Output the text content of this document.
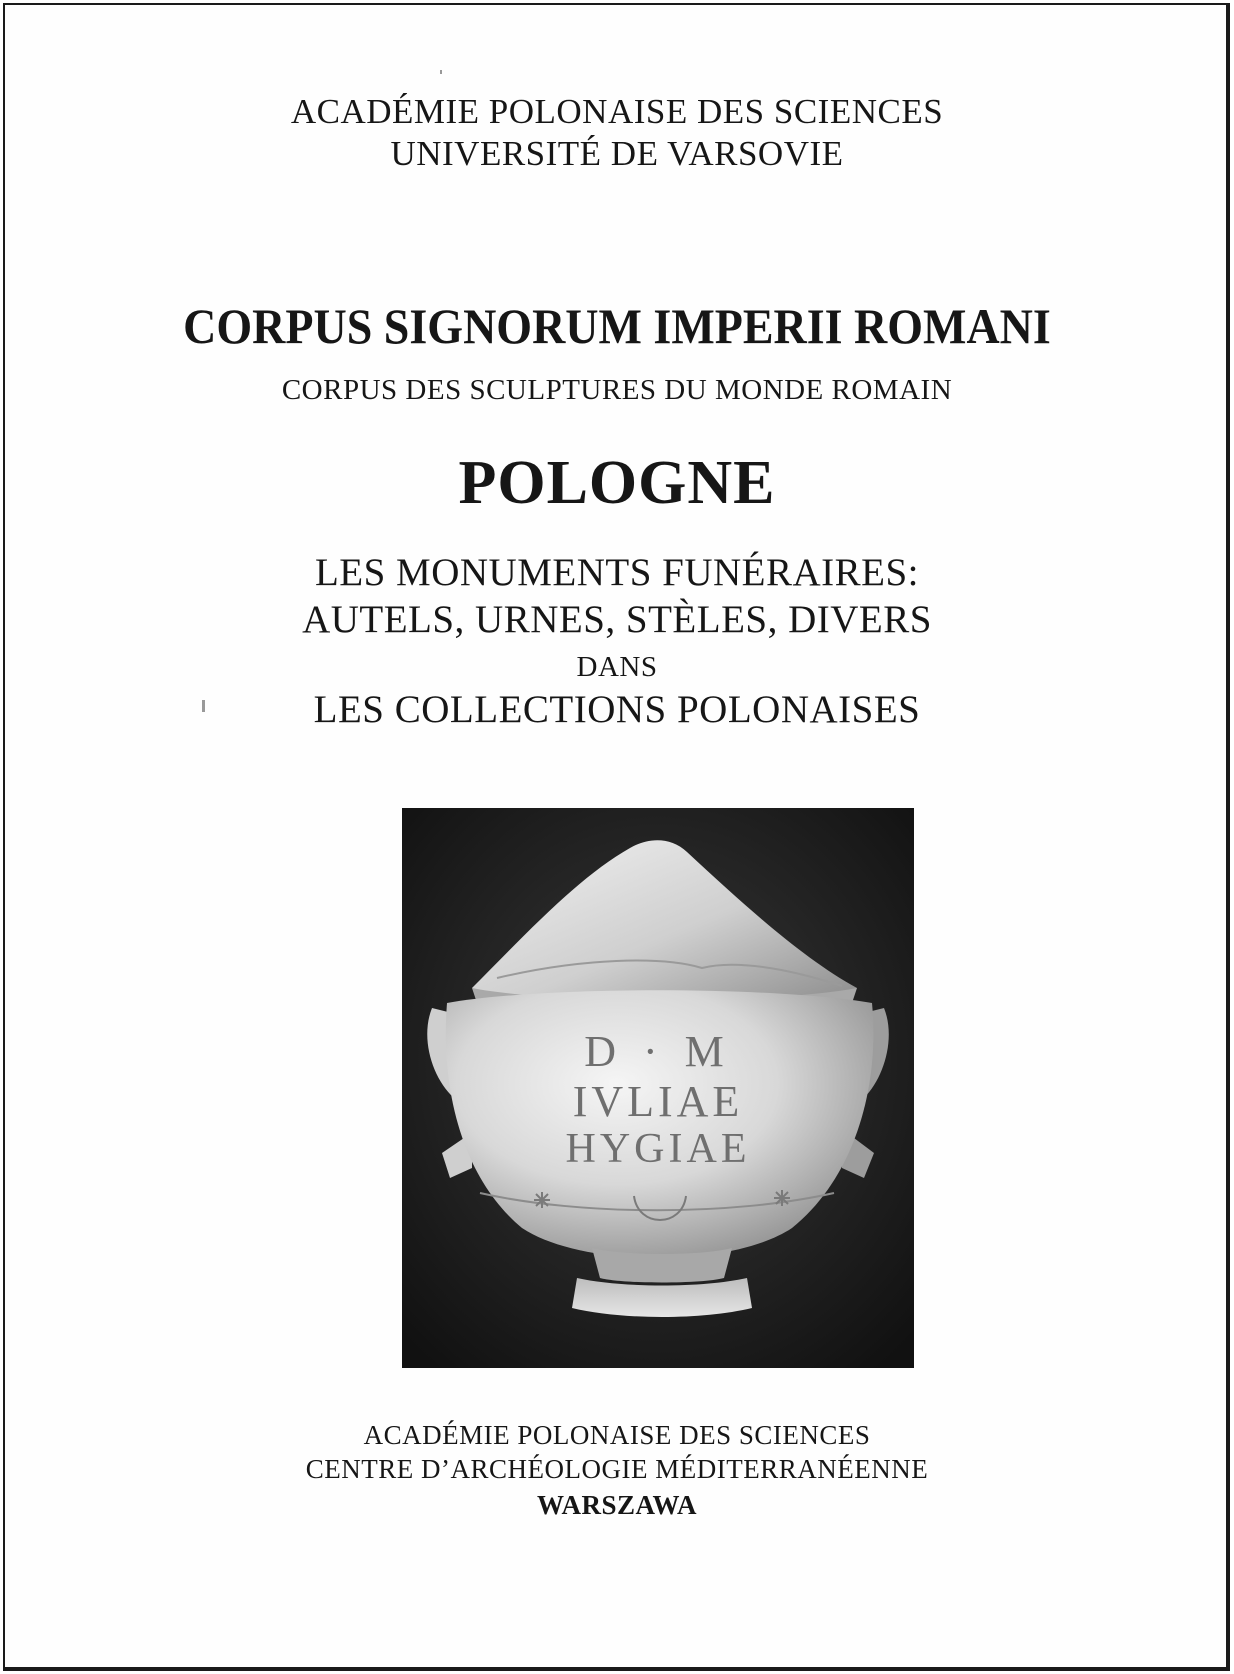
ACADÉMIE POLONAISE DES SCIENCES

UNIVERSITÉ DE VARSOVIE

CORPUS SIGNORUM IMPERII ROMANI

CORPUS DES SCULPTURES DU MONDE ROMAIN

POLOGNE

LES MONUMENTS FUNÉRAIRES:

AUTELS, URNES, STÈLES, DIVERS

DANS

LES COLLECTIONS POLONAISES

D · M
IVLIAE
HYGIAE

ACADÉMIE POLONAISE DES SCIENCES

CENTRE D’ARCHÉOLOGIE MÉDITERRANÉENNE

WARSZAWA
